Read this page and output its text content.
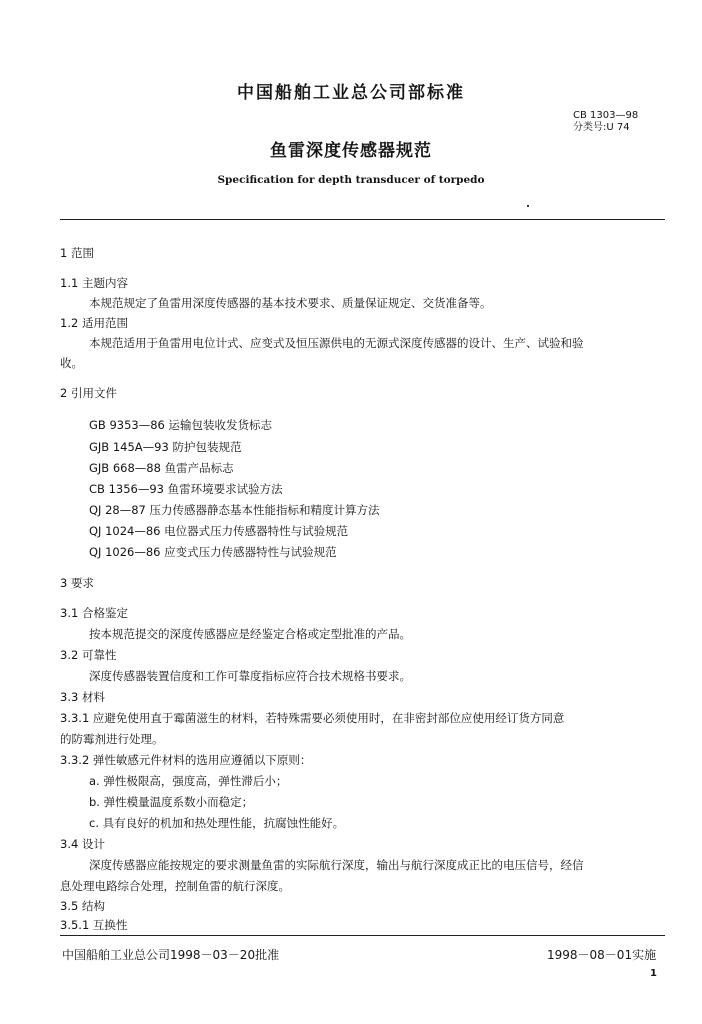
中国船舶工业总公司部标准
CB 1303—98
分类号:U 74
鱼雷深度传感器规范
Specification for depth transducer of torpedo
1 范围
1.1 主题内容
本规范规定了鱼雷用深度传感器的基本技术要求、质量保证规定、交货准备等。
1.2 适用范围
本规范适用于鱼雷用电位计式、应变式及恒压源供电的无源式深度传感器的设计、生产、试验和验
收。
2 引用文件
GB 9353—86 运输包装收发货标志
GJB 145A—93 防护包装规范
GJB 668—88 鱼雷产品标志
CB 1356—93 鱼雷环境要求试验方法
QJ 28—87 压力传感器静态基本性能指标和精度计算方法
QJ 1024—86 电位器式压力传感器特性与试验规范
QJ 1026—86 应变式压力传感器特性与试验规范
3 要求
3.1 合格鉴定
按本规范提交的深度传感器应是经鉴定合格或定型批准的产品。
3.2 可靠性
深度传感器装置信度和工作可靠度指标应符合技术规格书要求。
3.3 材料
3.3.1 应避免使用直于霉菌滋生的材料，若特殊需要必须使用时，在非密封部位应使用经订货方同意
的防霉剂进行处理。
3.3.2 弹性敏感元件材料的选用应遵循以下原则：
a. 弹性极限高，强度高，弹性滞后小；
b. 弹性模量温度系数小而稳定；
c. 具有良好的机加和热处理性能，抗腐蚀性能好。
3.4 设计
深度传感器应能按规定的要求测量鱼雷的实际航行深度，输出与航行深度成正比的电压信号，经信
息处理电路综合处理，控制鱼雷的航行深度。
3.5 结构
3.5.1 互换性
中国船舶工业总公司1998－03－20批准	1998－08－01实施
1
